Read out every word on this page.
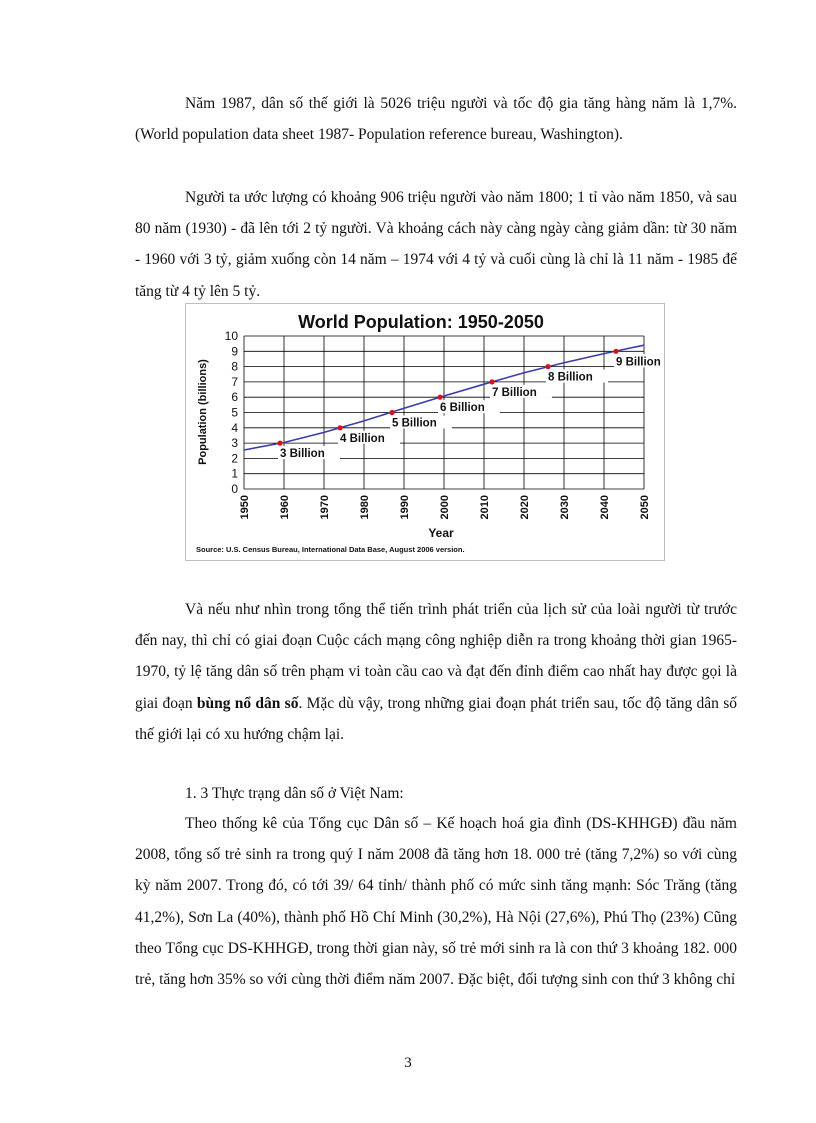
Năm 1987, dân số thế giới là 5026 triệu người và tốc độ gia tăng hàng năm là 1,7%. (World population data sheet 1987- Population reference bureau, Washington).
Người ta ước lượng có khoảng 906 triệu người vào năm 1800; 1 tỉ vào năm 1850, và sau 80 năm (1930) - đã lên tới 2 tỷ người. Và khoảng cách này càng ngày càng giảm dần: từ 30 năm - 1960 với 3 tỷ, giảm xuống còn 14 năm – 1974 với 4 tỷ và cuối cùng là chỉ là 11 năm - 1985 để tăng từ 4 tỷ lên 5 tỷ.
World Population: 1950-2050
0
1
2
3
4
5
6
7
8
9
10
1950	1960	1970	1980	1990	2000	2010	2020	2030	2040	2050
3 Billion
4 Billion
5 Billion
6 Billion
7 Billion
8 Billion
9 Billion
Population (billions)
Year
Source: U.S. Census Bureau, International Data Base, August 2006 version.
Và nếu như nhìn trong tổng thể tiến trình phát triển của lịch sử của loài người từ trước đến nay, thì chỉ có giai đoạn Cuộc cách mạng công nghiệp diễn ra trong khoảng thời gian 1965-1970, tỷ lệ tăng dân số trên phạm vi toàn cầu cao và đạt đến đỉnh điểm cao nhất hay được gọi là giai đoạn bùng nổ dân số. Mặc dù vậy, trong những giai đoạn phát triển sau, tốc độ tăng dân số thế giới lại có xu hướng chậm lại.
1. 3 Thực trạng dân số ở Việt Nam:
Theo thống kê của Tổng cục Dân số – Kế hoạch hoá gia đình (DS-KHHGĐ) đầu năm 2008, tổng số trẻ sinh ra trong quý I năm 2008 đã tăng hơn 18. 000 trẻ (tăng 7,2%) so với cùng kỳ năm 2007. Trong đó, có tới 39/ 64 tỉnh/ thành phố có mức sinh tăng mạnh: Sóc Trăng (tăng 41,2%), Sơn La (40%), thành phố Hồ Chí Minh (30,2%), Hà Nội (27,6%), Phú Thọ (23%) Cũng theo Tổng cục DS-KHHGĐ, trong thời gian này, số trẻ mới sinh ra là con thứ 3 khoảng 182. 000 trẻ, tăng hơn 35% so với cùng thời điểm năm 2007. Đặc biệt, đối tượng sinh con thứ 3 không chỉ
3
